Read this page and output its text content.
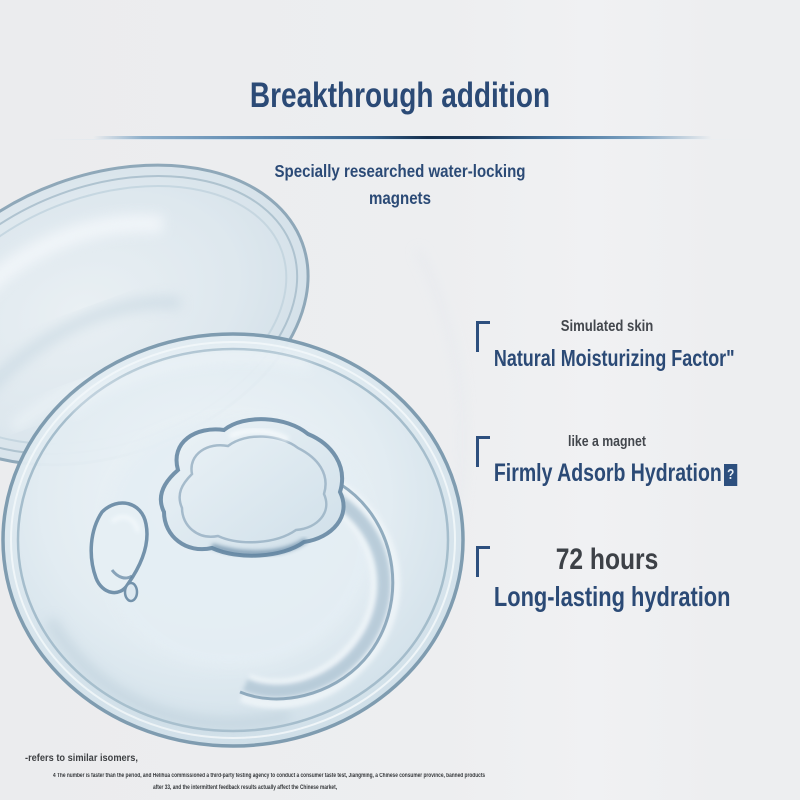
Breakthrough addition
Specially researched water-locking
magnets
Simulated skin
Natural Moisturizing Factor"
like a magnet
Firmly Adsorb Hydration ?
72 hours
Long-lasting hydration
-refers to similar isomers,
4 The number is faster than the period, and Helihua commissioned a third-party testing agency to conduct a consumer taste test, Jiangming, a Chinese consumer province, banned products
after 33, and the intermittent feedback results actually affect the Chinese market,
